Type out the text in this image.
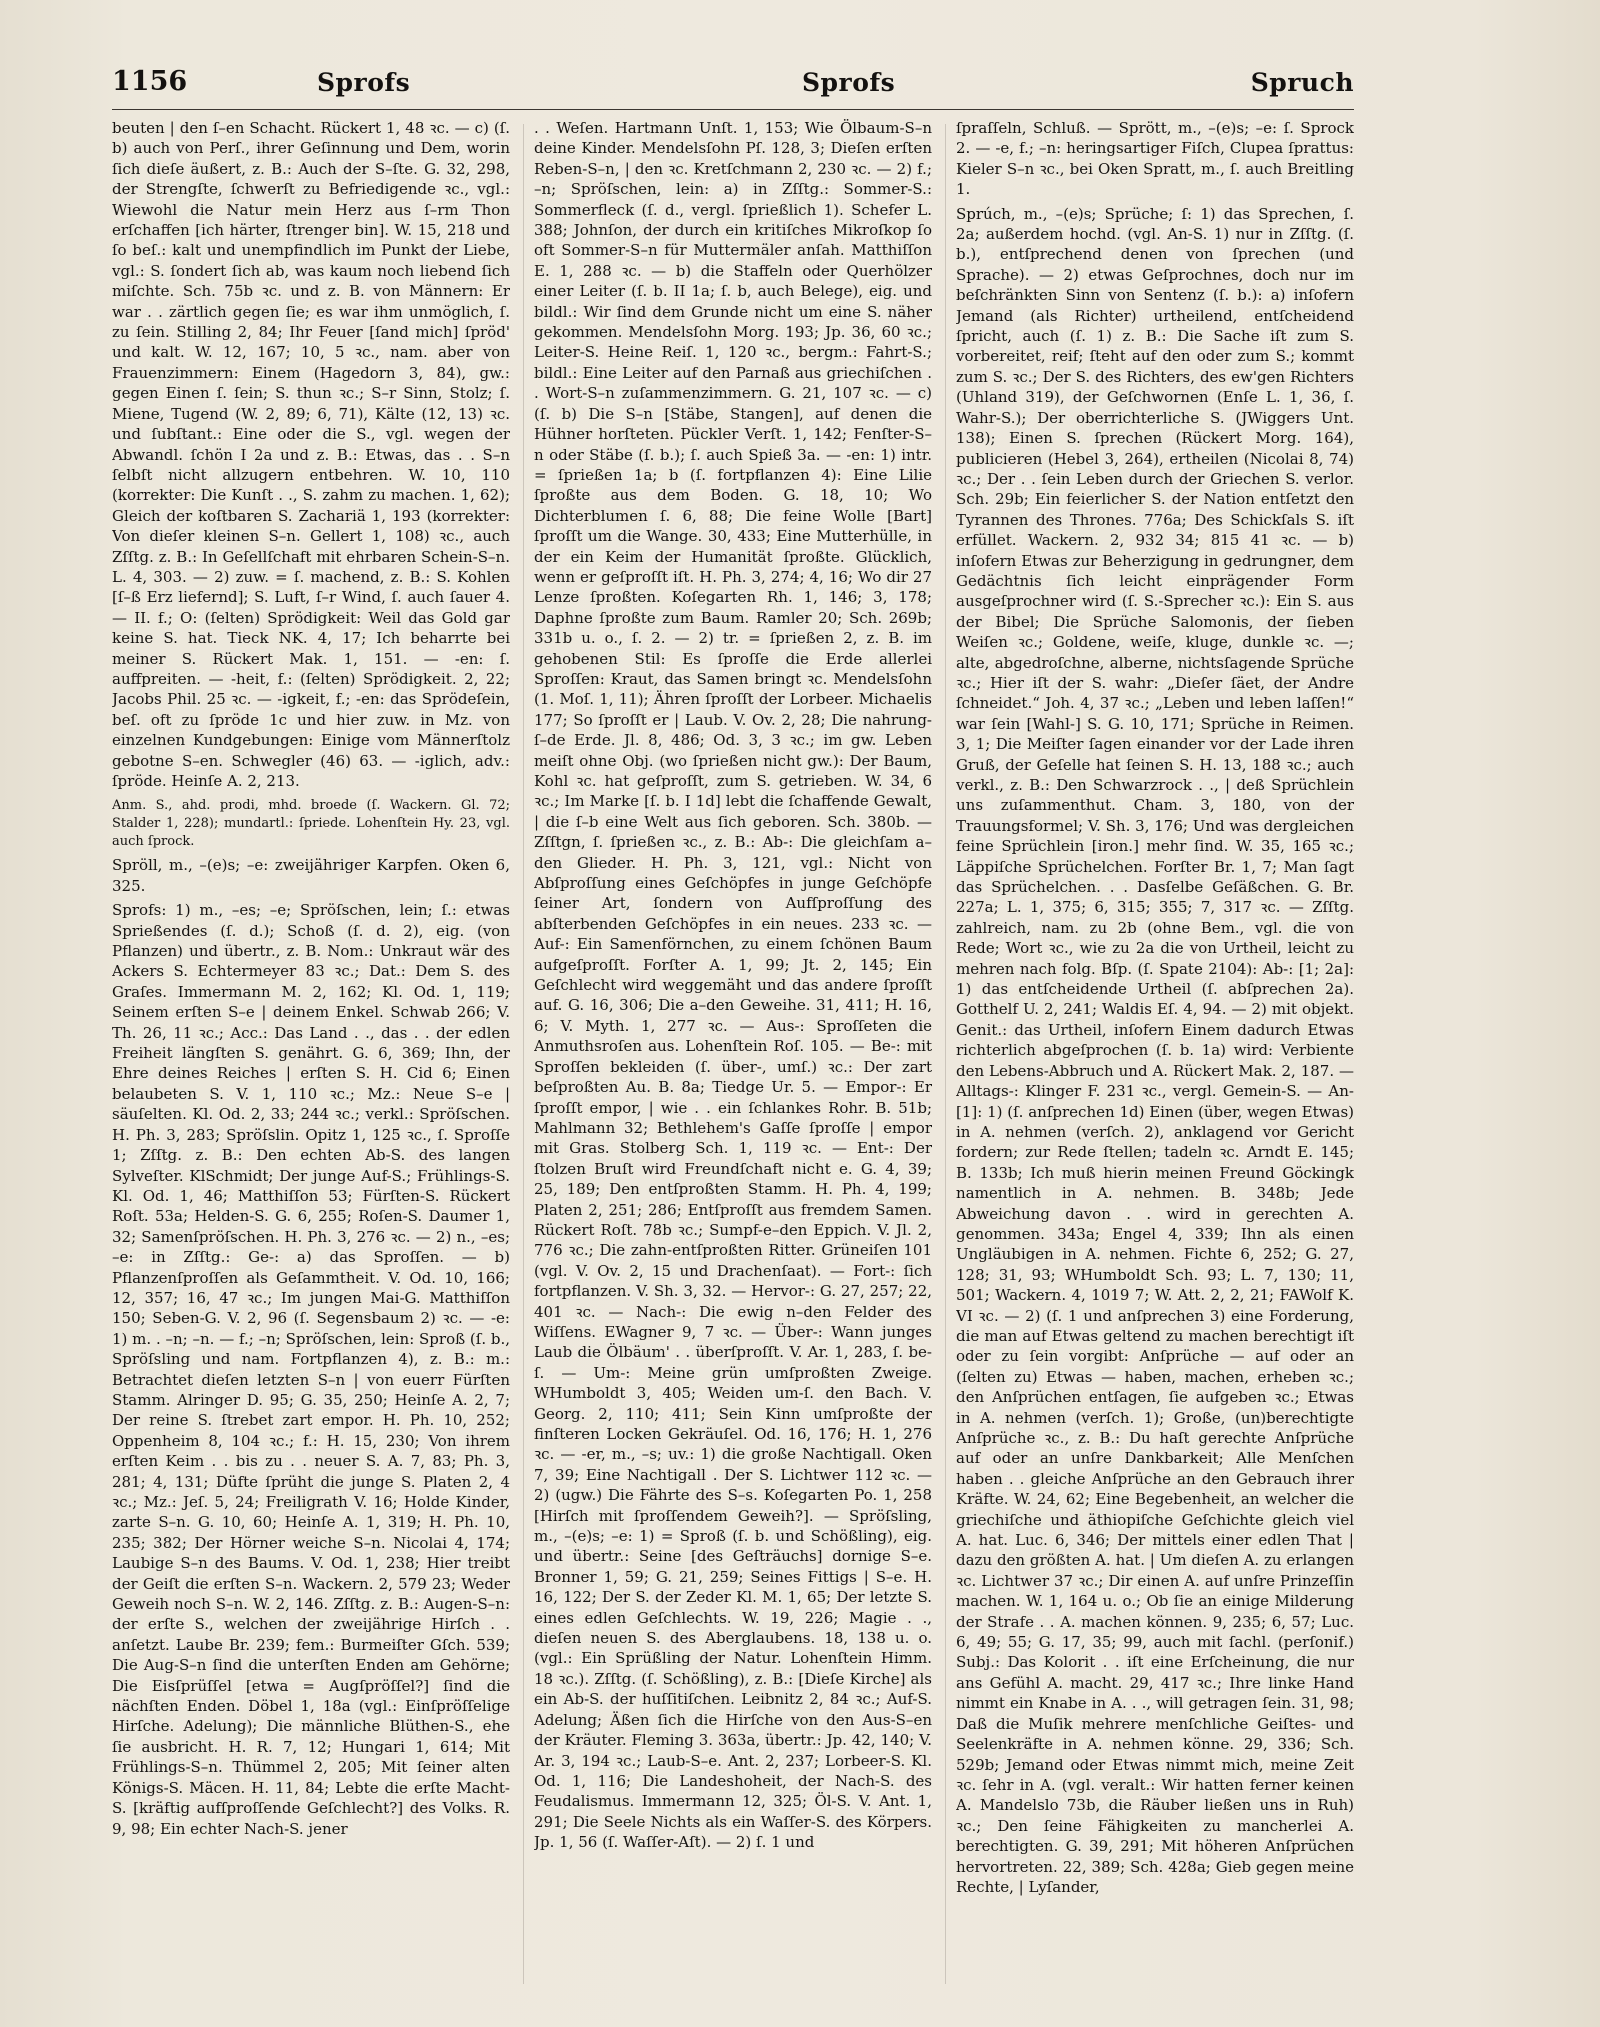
1156	Sprofs	Sprofs	Spruch

beuten | den ſ–en Schacht. Rückert 1, 48 ꝛc. — c) (ſ. b) auch von Perſ., ihrer Geſinnung und Dem, worin ſich dieſe äußert, z. B.: Auch der S–ſte. G. 32, 298, der Strengſte, ſchwerſt zu Befriedigende ꝛc., vgl.: Wiewohl die Natur mein Herz aus ſ–rm Thon erſchaffen [ich härter, ſtrenger bin]. W. 15, 218 und ſo beſ.: kalt und unempfindlich im Punkt der Liebe, vgl.: S. ſondert ſich ab, was kaum noch liebend ſich miſchte. Sch. 75b ꝛc. und z. B. von Männern: Er war . . zärtlich gegen ſie; es war ihm unmöglich, ſ. zu ſein. Stilling 2, 84; Ihr Feuer [ſand mich] ſpröd' und kalt. W. 12, 167; 10, 5 ꝛc., nam. aber von Frauenzimmern: Einem (Hagedorn 3, 84), gw.: gegen Einen ſ. ſein; S. thun ꝛc.; S–r Sinn, Stolz; ſ. Miene, Tugend (W. 2, 89; 6, 71), Kälte (12, 13) ꝛc. und ſubſtant.: Eine oder die S., vgl. wegen der Abwandl. ſchön I 2a und z. B.: Etwas, das . . S–n ſelbſt nicht allzugern entbehren. W. 10, 110 (korrekter: Die Kunſt . ., S. zahm zu machen. 1, 62); Gleich der koſtbaren S. Zachariä 1, 193 (korrekter: Von dieſer kleinen S–n. Gellert 1, 108) ꝛc., auch Zſſtg. z. B.: In Geſellſchaft mit ehrbaren Schein-S–n. L. 4, 303. — 2) zuw. = ſ. machend, z. B.: S. Kohlen [ſ–ß Erz liefernd]; S. Luft, ſ–r Wind, ſ. auch ſauer 4. — II. f.; O: (ſelten) Sprödigkeit: Weil das Gold gar keine S. hat. Tieck NK. 4, 17; Ich beharrte bei meiner S. Rückert Mak. 1, 151. — -en: ſ. auffpreiten. — -heit, f.: (ſelten) Sprödigkeit. 2, 22; Jacobs Phil. 25 ꝛc. — -igkeit, f.; -en: das Sprödeſein, beſ. oft zu ſpröde 1c und hier zuw. in Mz. von einzelnen Kundgebungen: Einige vom Männerſtolz gebotne S–en. Schwegler (46) 63. — -iglich, adv.: ſpröde. Heinſe A. 2, 213.

Anm. S., ahd. prodi, mhd. broede (ſ. Wackern. Gl. 72; Stalder 1, 228); mundartl.: ſpriede. Lohenſtein Hy. 23, vgl. auch ſprock.

Spröll, m., –(e)s; –e: zweijähriger Karpfen. Oken 6, 325.

Sprofs: 1) m., –es; –e; Spröſschen, lein; ſ.: etwas Sprießendes (ſ. d.); Schoß (ſ. d. 2), eig. (von Pflanzen) und übertr., z. B. Nom.: Unkraut wär des Ackers S. Echtermeyer 83 ꝛc.; Dat.: Dem S. des Graſes. Immermann M. 2, 162; Kl. Od. 1, 119; Seinem erſten S–e | deinem Enkel. Schwab 266; V. Th. 26, 11 ꝛc.; Acc.: Das Land . ., das . . der edlen Freiheit längſten S. genährt. G. 6, 369; Ihn, der Ehre deines Reiches | erſten S. H. Cid 6; Einen belaubeten S. V. 1, 110 ꝛc.; Mz.: Neue S–e | säuſelten. Kl. Od. 2, 33; 244 ꝛc.; verkl.: Spröſschen. H. Ph. 3, 283; Spröſslin. Opitz 1, 125 ꝛc., ſ. Sproſſe 1; Zſſtg. z. B.: Den echten Ab-S. des langen Sylveſter. KlSchmidt; Der junge Auf-S.; Frühlings-S. Kl. Od. 1, 46; Matthiſſon 53; Fürſten-S. Rückert Roſt. 53a; Helden-S. G. 6, 255; Roſen-S. Daumer 1, 32; Samenſpröſschen. H. Ph. 3, 276 ꝛc. — 2) n., –es; –e: in Zſſtg.: Ge-: a) das Sproſſen. — b) Pflanzenſproſſen als Geſammtheit. V. Od. 10, 166; 12, 357; 16, 47 ꝛc.; Im jungen Mai-G. Matthiſſon 150; Seben-G. V. 2, 96 (ſ. Segensbaum 2) ꝛc. — -e: 1) m. . –n; –n. — f.; –n; Spröſschen, lein: Sproß (ſ. b., Spröſsling und nam. Fortpflanzen 4), z. B.: m.: Betrachtet dieſen letzten S–n | von euerr Fürſten Stamm. Alringer D. 95; G. 35, 250; Heinſe A. 2, 7; Der reine S. ſtrebet zart empor. H. Ph. 10, 252; Oppenheim 8, 104 ꝛc.; f.: H. 15, 230; Von ihrem erſten Keim . . bis zu . . neuer S. A. 7, 83; Ph. 3, 281; 4, 131; Düfte ſprüht die junge S. Platen 2, 4 ꝛc.; Mz.: Jeſ. 5, 24; Freiligrath V. 16; Holde Kinder, zarte S–n. G. 10, 60; Heinſe A. 1, 319; H. Ph. 10, 235; 382; Der Hörner weiche S–n. Nicolai 4, 174; Laubige S–n des Baums. V. Od. 1, 238; Hier treibt der Geiſt die erſten S–n. Wackern. 2, 579 23; Weder Geweih noch S–n. W. 2, 146. Zſſtg. z. B.: Augen-S–n: der erſte S., welchen der zweijährige Hirſch . . anſetzt. Laube Br. 239; fem.: Burmeiſter Gſch. 539; Die Aug-S–n ſind die unterſten Enden am Gehörne; Die Eisſprüſſel [etwa = Augſpröſſel?] ſind die nächſten Enden. Döbel 1, 18a (vgl.: Einſpröſſelige Hirſche. Adelung); Die männliche Blüthen-S., ehe ſie ausbricht. H. R. 7, 12; Hungari 1, 614; Mit Frühlings-S–n. Thümmel 2, 205; Mit ſeiner alten Königs-S. Mäcen. H. 11, 84; Lebte die erſte Macht-S. [kräftig aufſproſſende Geſchlecht?] des Volks. R. 9, 98; Ein echter Nach-S. jener

. . Weſen. Hartmann Unſt. 1, 153; Wie Ölbaum-S–n deine Kinder. Mendelsſohn Pſ. 128, 3; Dieſen erſten Reben-S–n, | den ꝛc. Kretſchmann 2, 230 ꝛc. — 2) f.; –n; Spröſschen, lein: a) in Zſſtg.: Sommer-S.: Sommerfleck (ſ. d., vergl. ſprießlich 1). Schefer L. 388; Johnſon, der durch ein kritiſches Mikroſkop ſo oft Sommer-S–n für Muttermäler anſah. Matthiſſon E. 1, 288 ꝛc. — b) die Staffeln oder Querhölzer einer Leiter (ſ. b. II 1a; ſ. b, auch Belege), eig. und bildl.: Wir ſind dem Grunde nicht um eine S. näher gekommen. Mendelsſohn Morg. 193; Jp. 36, 60 ꝛc.; Leiter-S. Heine Reiſ. 1, 120 ꝛc., bergm.: Fahrt-S.; bildl.: Eine Leiter auf den Parnaß aus griechiſchen . . Wort-S–n zuſammenzimmern. G. 21, 107 ꝛc. — c) (ſ. b) Die S–n [Stäbe, Stangen], auf denen die Hühner horſteten. Pückler Verſt. 1, 142; Fenſter-S–n oder Stäbe (ſ. b.); ſ. auch Spieß 3a. — -en: 1) intr. = ſprießen 1a; b (ſ. fortpflanzen 4): Eine Lilie ſproßte aus dem Boden. G. 18, 10; Wo Dichterblumen ſ. 6, 88; Die feine Wolle [Bart] ſproſſt um die Wange. 30, 433; Eine Mutterhülle, in der ein Keim der Humanität ſproßte. Glücklich, wenn er geſproſſt iſt. H. Ph. 3, 274; 4, 16; Wo dir 27 Lenze ſproßten. Koſegarten Rh. 1, 146; 3, 178; Daphne ſproßte zum Baum. Ramler 20; Sch. 269b; 331b u. o., ſ. 2. — 2) tr. = ſprießen 2, z. B. im gehobenen Stil: Es ſproſſe die Erde allerlei Sproſſen: Kraut, das Samen bringt ꝛc. Mendelsſohn (1. Moſ. 1, 11); Ähren ſproſſt der Lorbeer. Michaelis 177; So ſproſſt er | Laub. V. Ov. 2, 28; Die nahrung-ſ–de Erde. Jl. 8, 486; Od. 3, 3 ꝛc.; im gw. Leben meiſt ohne Obj. (wo ſprießen nicht gw.): Der Baum, Kohl ꝛc. hat geſproſſt, zum S. getrieben. W. 34, 6 ꝛc.; Im Marke [ſ. b. I 1d] lebt die ſchaffende Gewalt, | die ſ–b eine Welt aus ſich geboren. Sch. 380b. — Zſſtgn, ſ. ſprießen ꝛc., z. B.: Ab-: Die gleichſam a–den Glieder. H. Ph. 3, 121, vgl.: Nicht von Abſproſſung eines Geſchöpfes in junge Geſchöpfe ſeiner Art, ſondern von Aufſproſſung des abſterbenden Geſchöpfes in ein neues. 233 ꝛc. — Auf-: Ein Samenförnchen, zu einem ſchönen Baum aufgeſproſſt. Forſter A. 1, 99; Jt. 2, 145; Ein Geſchlecht wird weggemäht und das andere ſproſſt auf. G. 16, 306; Die a–den Geweihe. 31, 411; H. 16, 6; V. Myth. 1, 277 ꝛc. — Aus-: Sproſſeten die Anmuthsroſen aus. Lohenſtein Roſ. 105. — Be-: mit Sproſſen bekleiden (ſ. über-, umſ.) ꝛc.: Der zart beſproßten Au. B. 8a; Tiedge Ur. 5. — Empor-: Er ſproſſt empor, | wie . . ein ſchlankes Rohr. B. 51b; Mahlmann 32; Bethlehem's Gaſſe ſproſſe | empor mit Gras. Stolberg Sch. 1, 119 ꝛc. — Ent-: Der ſtolzen Bruſt wird Freundſchaft nicht e. G. 4, 39; 25, 189; Den entſproßten Stamm. H. Ph. 4, 199; Platen 2, 251; 286; Entſproſſt aus fremdem Samen. Rückert Roſt. 78b ꝛc.; Sumpf-e–den Eppich. V. Jl. 2, 776 ꝛc.; Die zahn-entſproßten Ritter. Grüneiſen 101 (vgl. V. Ov. 2, 15 und Drachenſaat). — Fort-: ſich fortpflanzen. V. Sh. 3, 32. — Hervor-: G. 27, 257; 22, 401 ꝛc. — Nach-: Die ewig n–den Felder des Wiſſens. EWagner 9, 7 ꝛc. — Über-: Wann junges Laub die Ölbäum' . . überſproſſt. V. Ar. 1, 283, ſ. be-ſ. — Um-: Meine grün umſproßten Zweige. WHumboldt 3, 405; Weiden um-ſ. den Bach. V. Georg. 2, 110; 411; Sein Kinn umſproßte der finſteren Locken Gekräuſel. Od. 16, 176; H. 1, 276 ꝛc. — -er, m., –s; uv.: 1) die große Nachtigall. Oken 7, 39; Eine Nachtigall . Der S. Lichtwer 112 ꝛc. — 2) (ugw.) Die Fährte des S–s. Koſegarten Po. 1, 258 [Hirſch mit ſproſſendem Geweih?]. — Spröſsling, m., –(e)s; –e: 1) = Sproß (ſ. b. und Schößling), eig. und übertr.: Seine [des Geſträuchs] dornige S–e. Bronner 1, 59; G. 21, 259; Seines Fittigs | S–e. H. 16, 122; Der S. der Zeder Kl. M. 1, 65; Der letzte S. eines edlen Geſchlechts. W. 19, 226; Magie . ., dieſen neuen S. des Aberglaubens. 18, 138 u. o. (vgl.: Ein Sprüßling der Natur. Lohenſtein Himm. 18 ꝛc.). Zſſtg. (ſ. Schößling), z. B.: [Dieſe Kirche] als ein Ab-S. der huſſitiſchen. Leibnitz 2, 84 ꝛc.; Auf-S. Adelung; Äßen ſich die Hirſche von den Aus-S–en der Kräuter. Fleming 3. 363a, übertr.: Jp. 42, 140; V. Ar. 3, 194 ꝛc.; Laub-S–e. Ant. 2, 237; Lorbeer-S. Kl. Od. 1, 116; Die Landeshoheit, der Nach-S. des Feudalismus. Immermann 12, 325; Öl-S. V. Ant. 1, 291; Die Seele Nichts als ein Waſſer-S. des Körpers. Jp. 1, 56 (ſ. Waſſer-Aſt). — 2) ſ. 1 und

ſpraſſeln, Schluß. — Sprött, m., –(e)s; –e: ſ. Sprock 2. — -e, f.; –n: heringsartiger Fiſch, Clupea ſprattus: Kieler S–n ꝛc., bei Oken Spratt, m., ſ. auch Breitling 1.

Sprúch, m., –(e)s; Sprüche; ſ: 1) das Sprechen, ſ. 2a; außerdem hochd. (vgl. An-S. 1) nur in Zſſtg. (ſ. b.), entſprechend denen von ſprechen (und Sprache). — 2) etwas Geſprochnes, doch nur im beſchränkten Sinn von Sentenz (ſ. b.): a) inſofern Jemand (als Richter) urtheilend, entſcheidend ſpricht, auch (ſ. 1) z. B.: Die Sache iſt zum S. vorbereitet, reif; ſteht auf den oder zum S.; kommt zum S. ꝛc.; Der S. des Richters, des ew'gen Richters (Uhland 319), der Geſchwornen (Enſe L. 1, 36, ſ. Wahr-S.); Der oberrichterliche S. (JWiggers Unt. 138); Einen S. ſprechen (Rückert Morg. 164), publicieren (Hebel 3, 264), ertheilen (Nicolai 8, 74) ꝛc.; Der . . ſein Leben durch der Griechen S. verlor. Sch. 29b; Ein feierlicher S. der Nation entſetzt den Tyrannen des Thrones. 776a; Des Schickſals S. iſt erfüllet. Wackern. 2, 932 34; 815 41 ꝛc. — b) inſofern Etwas zur Beherzigung in gedrungner, dem Gedächtnis ſich leicht einprägender Form ausgeſprochner wird (ſ. S.-Sprecher ꝛc.): Ein S. aus der Bibel; Die Sprüche Salomonis, der ſieben Weiſen ꝛc.; Goldene, weiſe, kluge, dunkle ꝛc. —; alte, abgedroſchne, alberne, nichtsſagende Sprüche ꝛc.; Hier iſt der S. wahr: „Dieſer ſäet, der Andre ſchneidet.“ Joh. 4, 37 ꝛc.; „Leben und leben laſſen!“ war ſein [Wahl-] S. G. 10, 171; Sprüche in Reimen. 3, 1; Die Meiſter ſagen einander vor der Lade ihren Gruß, der Geſelle hat ſeinen S. H. 13, 188 ꝛc.; auch verkl., z. B.: Den Schwarzrock . ., | deß Sprüchlein uns zuſammenthut. Cham. 3, 180, von der Trauungsformel; V. Sh. 3, 176; Und was dergleichen feine Sprüchlein [iron.] mehr ſind. W. 35, 165 ꝛc.; Läppiſche Sprüchelchen. Forſter Br. 1, 7; Man ſagt das Sprüchelchen. . . Dasſelbe Geſäßchen. G. Br. 227a; L. 1, 375; 6, 315; 355; 7, 317 ꝛc. — Zſſtg. zahlreich, nam. zu 2b (ohne Bem., vgl. die von Rede; Wort ꝛc., wie zu 2a die von Urtheil, leicht zu mehren nach folg. Bſp. (ſ. Spate 2104): Ab-: [1; 2a]: 1) das entſcheidende Urtheil (ſ. abſprechen 2a). Gotthelf U. 2, 241; Waldis Eſ. 4, 94. — 2) mit objekt. Genit.: das Urtheil, inſofern Einem dadurch Etwas richterlich abgeſprochen (ſ. b. 1a) wird: Verbiente den Lebens-Abbruch und A. Rückert Mak. 2, 187. — Alltags-: Klinger F. 231 ꝛc., vergl. Gemein-S. — An- [1]: 1) (ſ. anſprechen 1d) Einen (über, wegen Etwas) in A. nehmen (verſch. 2), anklagend vor Gericht fordern; zur Rede ſtellen; tadeln ꝛc. Arndt E. 145; B. 133b; Ich muß hierin meinen Freund Göckingk namentlich in A. nehmen. B. 348b; Jede Abweichung davon . . wird in gerechten A. genommen. 343a; Engel 4, 339; Ihn als einen Ungläubigen in A. nehmen. Fichte 6, 252; G. 27, 128; 31, 93; WHumboldt Sch. 93; L. 7, 130; 11, 501; Wackern. 4, 1019 7; W. Att. 2, 2, 21; FAWolf K. VI ꝛc. — 2) (ſ. 1 und anſprechen 3) eine Forderung, die man auf Etwas geltend zu machen berechtigt iſt oder zu ſein vorgibt: Anſprüche — auf oder an (ſelten zu) Etwas — haben, machen, erheben ꝛc.; den Anſprüchen entſagen, ſie aufgeben ꝛc.; Etwas in A. nehmen (verſch. 1); Große, (un)berechtigte Anſprüche ꝛc., z. B.: Du haſt gerechte Anſprüche auf oder an unſre Dankbarkeit; Alle Menſchen haben . . gleiche Anſprüche an den Gebrauch ihrer Kräfte. W. 24, 62; Eine Begebenheit, an welcher die griechiſche und äthiopiſche Geſchichte gleich viel A. hat. Luc. 6, 346; Der mittels einer edlen That | dazu den größten A. hat. | Um dieſen A. zu erlangen ꝛc. Lichtwer 37 ꝛc.; Dir einen A. auf unſre Prinzeſſin machen. W. 1, 164 u. o.; Ob ſie an einige Milderung der Strafe . . A. machen können. 9, 235; 6, 57; Luc. 6, 49; 55; G. 17, 35; 99, auch mit ſachl. (perſonif.) Subj.: Das Kolorit . . iſt eine Erſcheinung, die nur ans Gefühl A. macht. 29, 417 ꝛc.; Ihre linke Hand nimmt ein Knabe in A. . ., will getragen ſein. 31, 98; Daß die Muſik mehrere menſchliche Geiſtes- und Seelenkräfte in A. nehmen könne. 29, 336; Sch. 529b; Jemand oder Etwas nimmt mich, meine Zeit ꝛc. ſehr in A. (vgl. veralt.: Wir hatten ferner keinen A. Mandelslo 73b, die Räuber ließen uns in Ruh) ꝛc.; Den ſeine Fähigkeiten zu mancherlei A. berechtigten. G. 39, 291; Mit höheren Anſprüchen hervortreten. 22, 389; Sch. 428a; Gieb gegen meine Rechte, | Lyſander,
